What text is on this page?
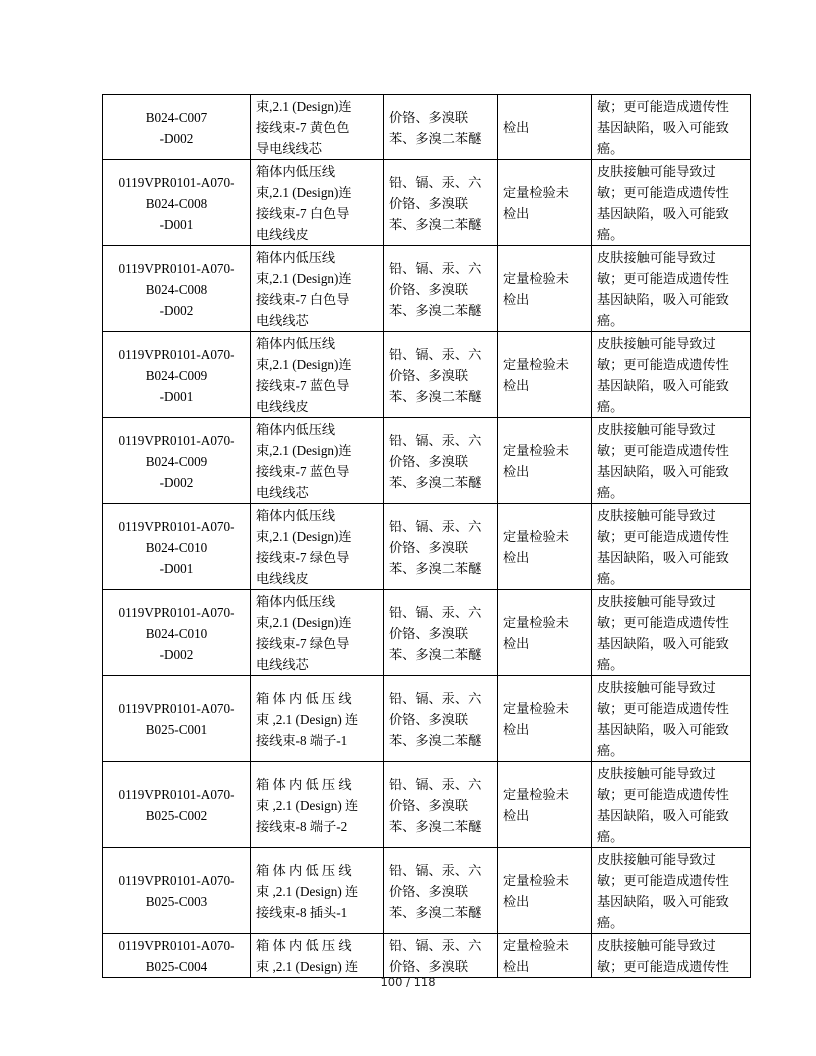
B024-C007
-D002	束,2.1 (Design)连
接线束-7 黄色色
导电线线芯	价铬、多溴联
苯、多溴二苯醚	检出	敏；更可能造成遗传性
基因缺陷，吸入可能致
癌。

0119VPR0101-A070-
B024-C008
-D001	箱体内低压线
束,2.1 (Design)连
接线束-7 白色导
电线线皮	铅、镉、汞、六
价铬、多溴联
苯、多溴二苯醚	定量检验未
检出	皮肤接触可能导致过
敏；更可能造成遗传性
基因缺陷，吸入可能致
癌。

0119VPR0101-A070-
B024-C008
-D002	箱体内低压线
束,2.1 (Design)连
接线束-7 白色导
电线线芯	铅、镉、汞、六
价铬、多溴联
苯、多溴二苯醚	定量检验未
检出	皮肤接触可能导致过
敏；更可能造成遗传性
基因缺陷，吸入可能致
癌。

0119VPR0101-A070-
B024-C009
-D001	箱体内低压线
束,2.1 (Design)连
接线束-7 蓝色导
电线线皮	铅、镉、汞、六
价铬、多溴联
苯、多溴二苯醚	定量检验未
检出	皮肤接触可能导致过
敏；更可能造成遗传性
基因缺陷，吸入可能致
癌。

0119VPR0101-A070-
B024-C009
-D002	箱体内低压线
束,2.1 (Design)连
接线束-7 蓝色导
电线线芯	铅、镉、汞、六
价铬、多溴联
苯、多溴二苯醚	定量检验未
检出	皮肤接触可能导致过
敏；更可能造成遗传性
基因缺陷，吸入可能致
癌。

0119VPR0101-A070-
B024-C010
-D001	箱体内低压线
束,2.1 (Design)连
接线束-7 绿色导
电线线皮	铅、镉、汞、六
价铬、多溴联
苯、多溴二苯醚	定量检验未
检出	皮肤接触可能导致过
敏；更可能造成遗传性
基因缺陷，吸入可能致
癌。

0119VPR0101-A070-
B024-C010
-D002	箱体内低压线
束,2.1 (Design)连
接线束-7 绿色导
电线线芯	铅、镉、汞、六
价铬、多溴联
苯、多溴二苯醚	定量检验未
检出	皮肤接触可能导致过
敏；更可能造成遗传性
基因缺陷，吸入可能致
癌。

0119VPR0101-A070-
B025-C001	箱 体 内 低 压 线
束 ,2.1 (Design) 连
接线束-8 端子-1	铅、镉、汞、六
价铬、多溴联
苯、多溴二苯醚	定量检验未
检出	皮肤接触可能导致过
敏；更可能造成遗传性
基因缺陷，吸入可能致
癌。

0119VPR0101-A070-
B025-C002	箱 体 内 低 压 线
束 ,2.1 (Design) 连
接线束-8 端子-2	铅、镉、汞、六
价铬、多溴联
苯、多溴二苯醚	定量检验未
检出	皮肤接触可能导致过
敏；更可能造成遗传性
基因缺陷，吸入可能致
癌。

0119VPR0101-A070-
B025-C003	箱 体 内 低 压 线
束 ,2.1 (Design) 连
接线束-8 插头-1	铅、镉、汞、六
价铬、多溴联
苯、多溴二苯醚	定量检验未
检出	皮肤接触可能导致过
敏；更可能造成遗传性
基因缺陷，吸入可能致
癌。

0119VPR0101-A070-
B025-C004	箱 体 内 低 压 线
束 ,2.1 (Design) 连	铅、镉、汞、六
价铬、多溴联	定量检验未
检出	皮肤接触可能导致过
敏；更可能造成遗传性
100 / 118
